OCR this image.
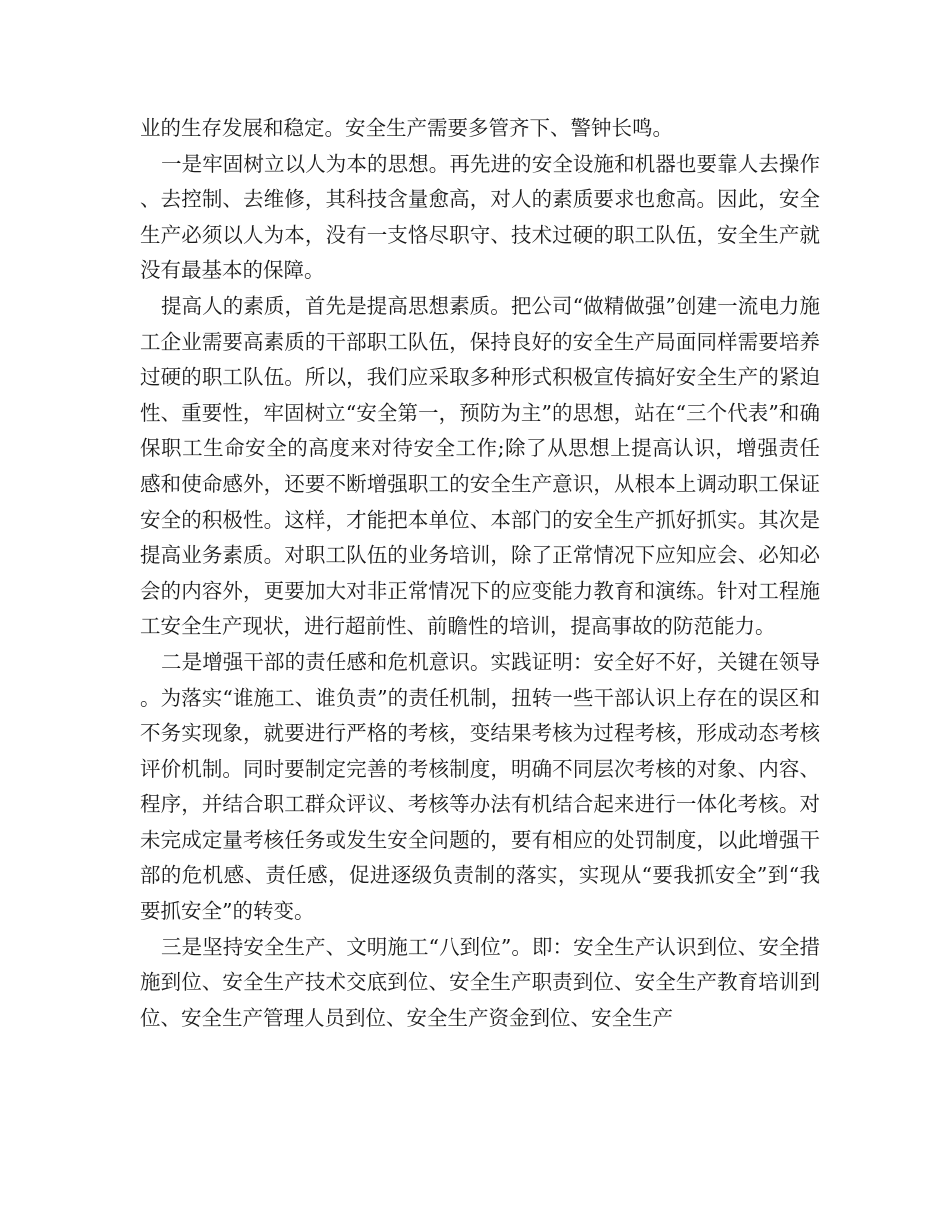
业的生存发展和稳定。安全生产需要多管齐下、警钟长鸣。

一是牢固树立以人为本的思想。再先进的安全设施和机器也要靠人去操作、去控制、去维修，其科技含量愈高，对人的素质要求也愈高。因此，安全生产必须以人为本，没有一支恪尽职守、技术过硬的职工队伍，安全生产就没有最基本的保障。

提高人的素质，首先是提高思想素质。把公司“做精做强”创建一流电力施工企业需要高素质的干部职工队伍，保持良好的安全生产局面同样需要培养过硬的职工队伍。所以，我们应采取多种形式积极宣传搞好安全生产的紧迫性、重要性，牢固树立“安全第一，预防为主”的思想，站在“三个代表”和确保职工生命安全的高度来对待安全工作;除了从思想上提高认识，增强责任感和使命感外，还要不断增强职工的安全生产意识，从根本上调动职工保证安全的积极性。这样，才能把本单位、本部门的安全生产抓好抓实。其次是提高业务素质。对职工队伍的业务培训，除了正常情况下应知应会、必知必会的内容外，更要加大对非正常情况下的应变能力教育和演练。针对工程施工安全生产现状，进行超前性、前瞻性的培训，提高事故的防范能力。

二是增强干部的责任感和危机意识。实践证明：安全好不好，关键在领导。为落实“谁施工、谁负责”的责任机制，扭转一些干部认识上存在的误区和不务实现象，就要进行严格的考核，变结果考核为过程考核，形成动态考核评价机制。同时要制定完善的考核制度，明确不同层次考核的对象、内容、程序，并结合职工群众评议、考核等办法有机结合起来进行一体化考核。对未完成定量考核任务或发生安全问题的，要有相应的处罚制度，以此增强干部的危机感、责任感，促进逐级负责制的落实，实现从“要我抓安全”到“我要抓安全”的转变。

三是坚持安全生产、文明施工“八到位”。即：安全生产认识到位、安全措施到位、安全生产技术交底到位、安全生产职责到位、安全生产教育培训到位、安全生产管理人员到位、安全生产资金到位、安全生产
